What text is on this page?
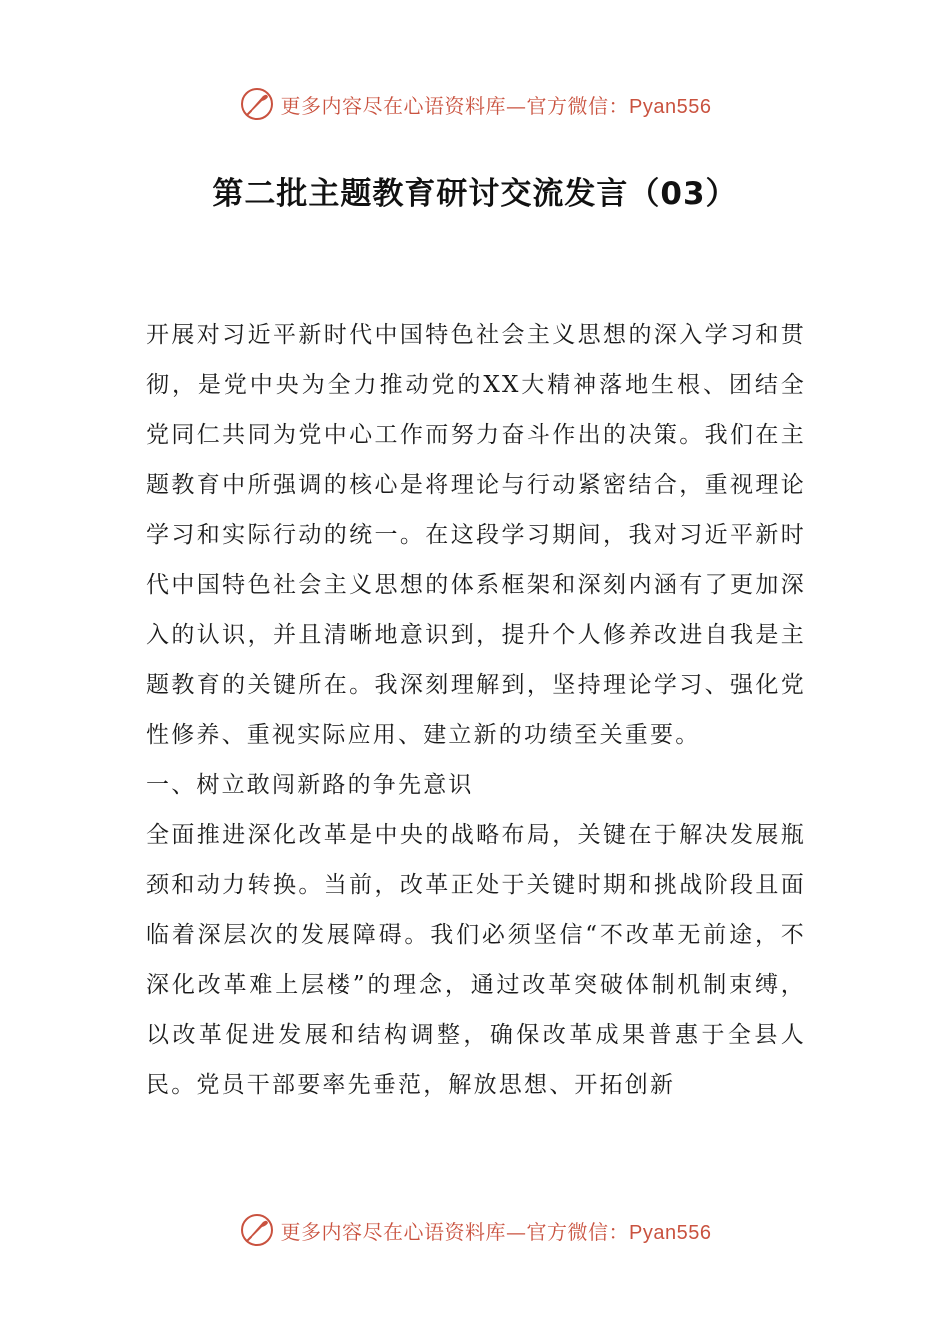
更多内容尽在心语资料库—官方微信：Pyan556
第二批主题教育研讨交流发言（03）

开展对习近平新时代中国特色社会主义思想的深入学习和贯彻，是党中央为全力推动党的XX大精神落地生根、团结全党同仁共同为党中心工作而努力奋斗作出的决策。我们在主题教育中所强调的核心是将理论与行动紧密结合，重视理论学习和实际行动的统一。在这段学习期间，我对习近平新时代中国特色社会主义思想的体系框架和深刻内涵有了更加深入的认识，并且清晰地意识到，提升个人修养改进自我是主题教育的关键所在。我深刻理解到，坚持理论学习、强化党性修养、重视实际应用、建立新的功绩至关重要。

一、树立敢闯新路的争先意识

全面推进深化改革是中央的战略布局，关键在于解决发展瓶颈和动力转换。当前，改革正处于关键时期和挑战阶段且面临着深层次的发展障碍。我们必须坚信“不改革无前途，不深化改革难上层楼”的理念，通过改革突破体制机制束缚，以改革促进发展和结构调整，确保改革成果普惠于全县人民。党员干部要率先垂范，解放思想、开拓创新

更多内容尽在心语资料库—官方微信：Pyan556
